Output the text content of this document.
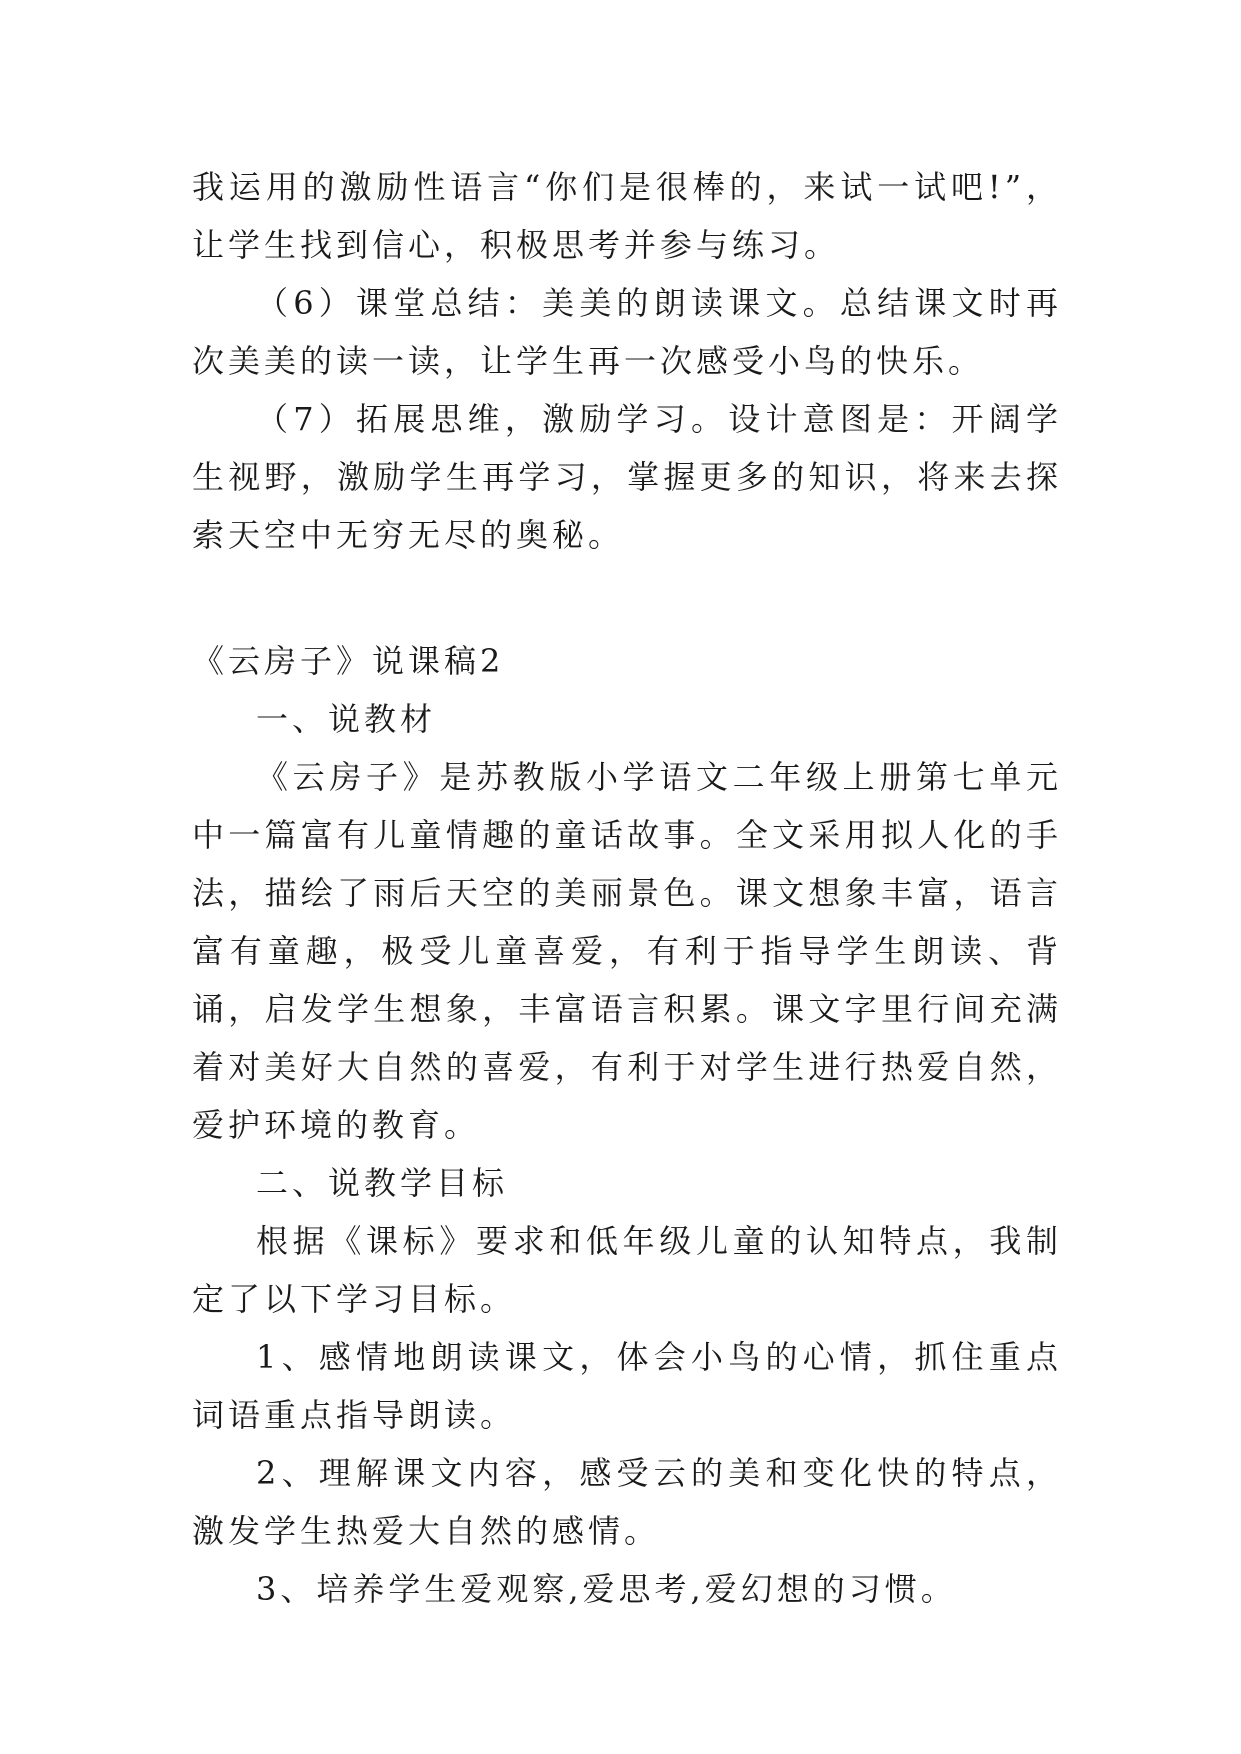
我运用的激励性语言“你们是很棒的，来试一试吧!”，让学生找到信心，积极思考并参与练习。

（6）课堂总结：美美的朗读课文。总结课文时再次美美的读一读，让学生再一次感受小鸟的快乐。

（7）拓展思维，激励学习。设计意图是：开阔学生视野，激励学生再学习，掌握更多的知识，将来去探索天空中无穷无尽的奥秘。

《云房子》说课稿2

一、说教材

《云房子》是苏教版小学语文二年级上册第七单元中一篇富有儿童情趣的童话故事。全文采用拟人化的手法，描绘了雨后天空的美丽景色。课文想象丰富，语言富有童趣，极受儿童喜爱，有利于指导学生朗读、背诵，启发学生想象，丰富语言积累。课文字里行间充满着对美好大自然的喜爱，有利于对学生进行热爱自然，爱护环境的教育。

二、说教学目标

根据《课标》要求和低年级儿童的认知特点，我制定了以下学习目标。

1、感情地朗读课文，体会小鸟的心情，抓住重点词语重点指导朗读。

2、理解课文内容，感受云的美和变化快的特点，激发学生热爱大自然的感情。

3、培养学生爱观察,爱思考,爱幻想的习惯。
